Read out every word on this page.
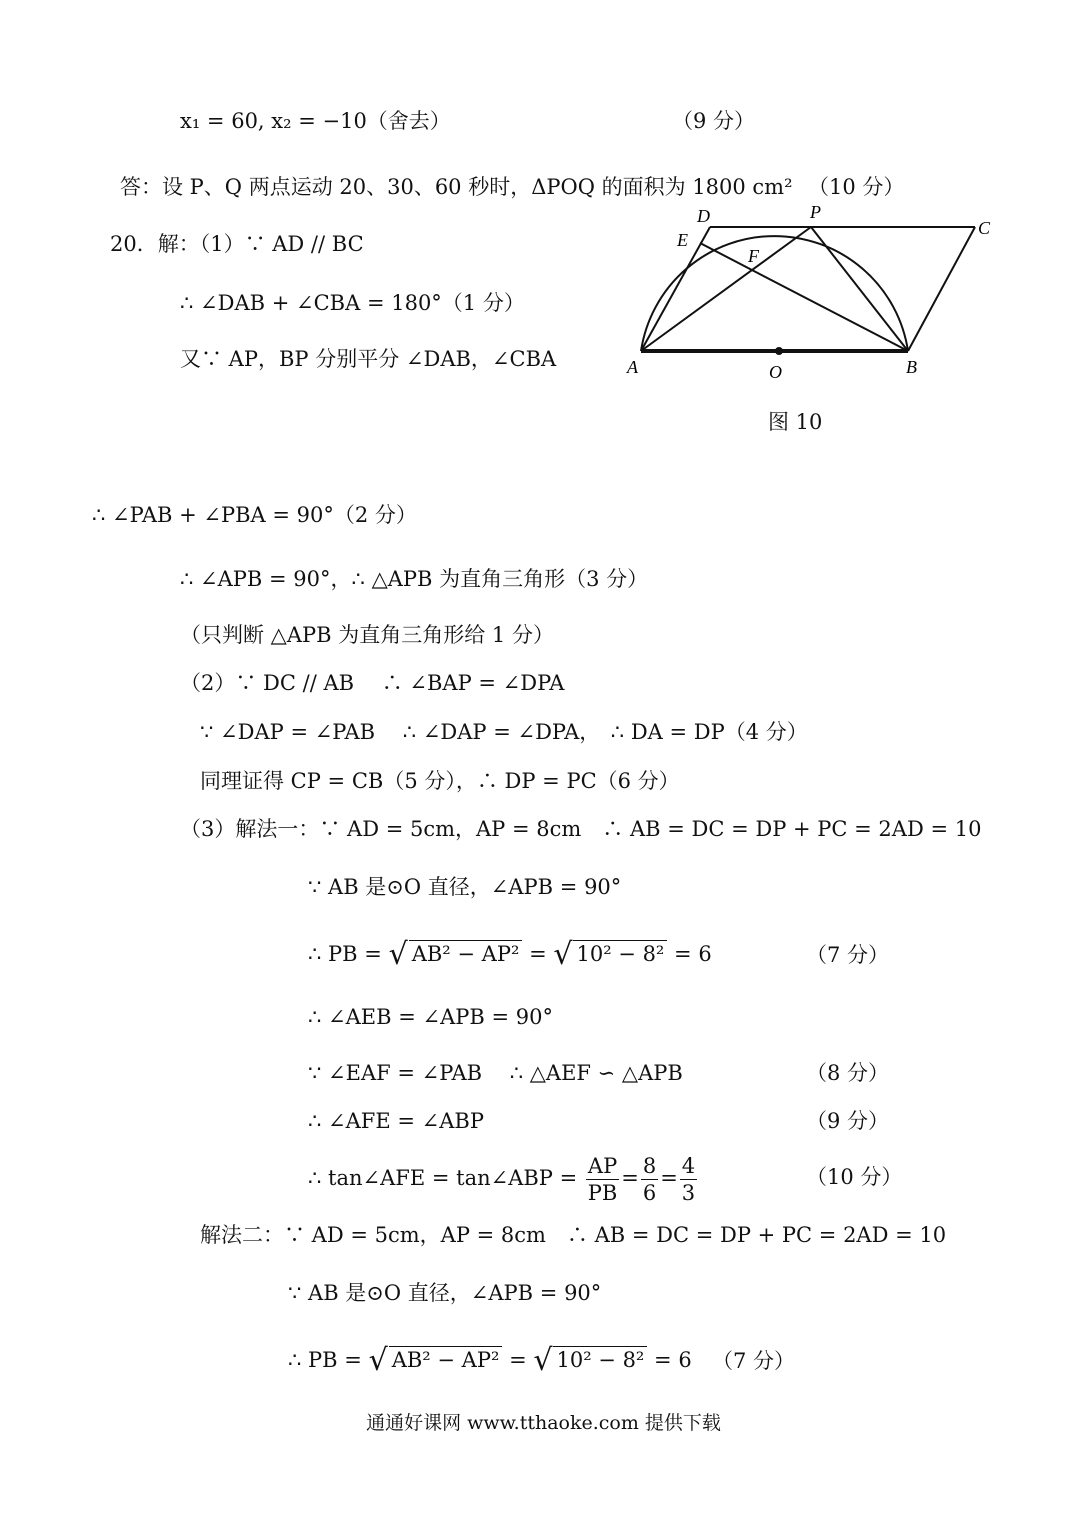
x₁ = 60, x₂ = −10（舍去）	（9 分）
答：设 P、Q 两点运动 20、30、60 秒时，ΔPOQ 的面积为 1800 cm² （10 分）
20．解：（1）∵ AD // BC
∴ ∠DAB + ∠CBA = 180°（1 分）
又∵ AP，BP 分别平分 ∠DAB，∠CBA
∴ ∠PAB + ∠PBA = 90°（2 分）
∴ ∠APB = 90°，∴ △APB 为直角三角形（3 分）
（只判断 △APB 为直角三角形给 1 分）
（2）∵ DC // AB　 ∴ ∠BAP = ∠DPA
∵ ∠DAP = ∠PAB　 ∴ ∠DAP = ∠DPA，　∴ DA = DP（4 分）
同理证得 CP = CB（5 分），∴ DP = PC（6 分）
（3）解法一：∵ AD = 5cm，AP = 8cm　∴ AB = DC = DP + PC = 2AD = 10
∵ AB 是⊙O 直径，∠APB = 90°
∴ PB = √ AB² − AP² = √ 10² − 8² = 6	（7 分）
∴ ∠AEB = ∠APB = 90°
∵ ∠EAF = ∠PAB　 ∴ △AEF ∽ △APB	（8 分）
∴ ∠AFE = ∠ABP	（9 分）
∴ tan∠AFE = tan∠ABP = $\frac{AP}{PB} = \frac{8}{6} = \frac{4}{3}$	（10 分）
解法二：∵ AD = 5cm，AP = 8cm　∴ AB = DC = DP + PC = 2AD = 10
∵ AB 是⊙O 直径，∠APB = 90°
∴ PB = √ AB² − AP² = √ 10² − 8² = 6 （7 分）
A	B
C
D
E
F
P
O
图 10
通通好课网 www.tthaoke.com 提供下载
